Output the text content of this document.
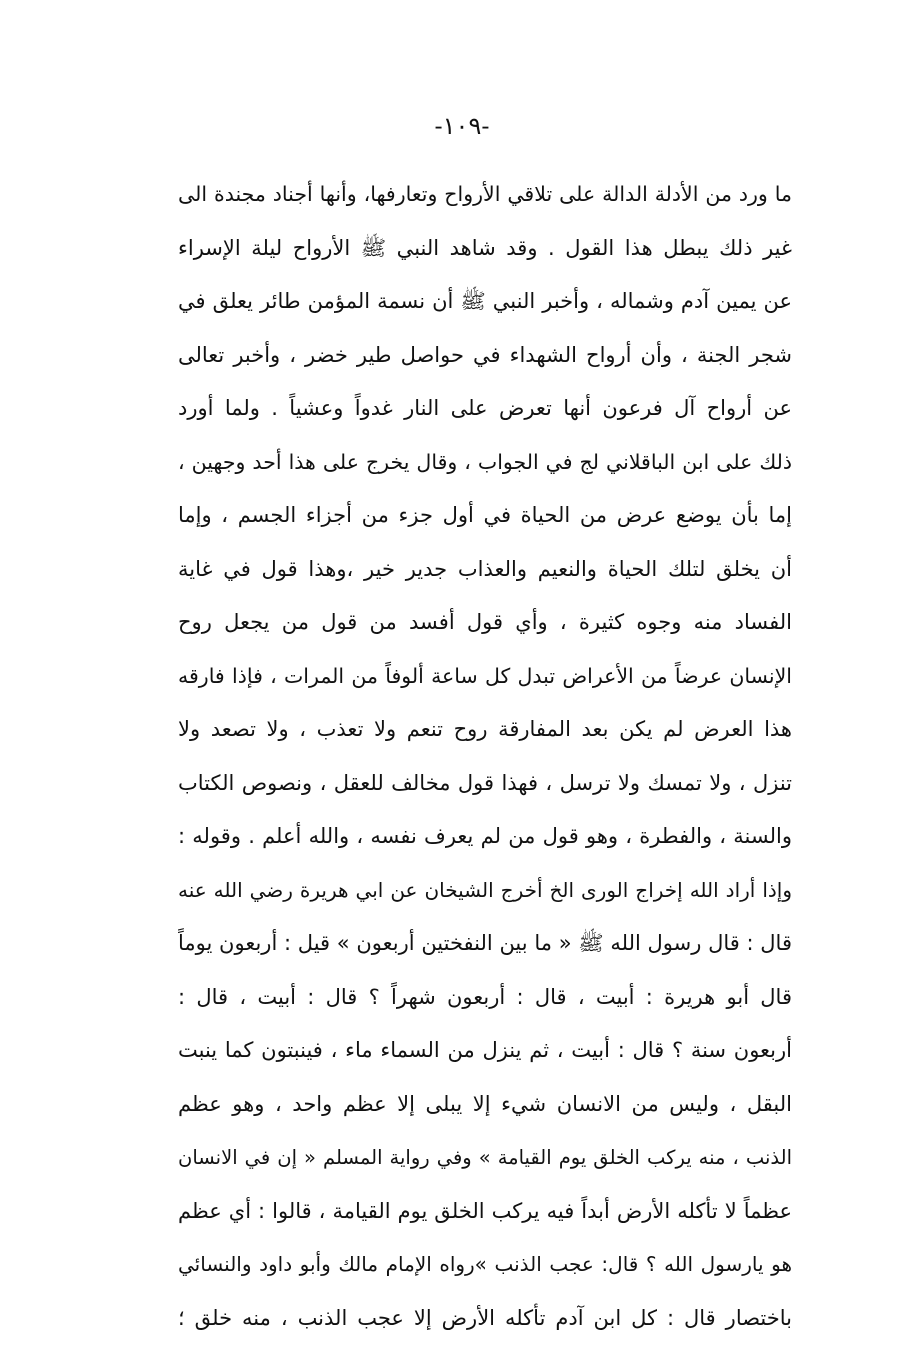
-١٠٩-
ما ورد من الأدلة الدالة على تلاقي الأرواح وتعارفها، وأنها أجناد مجندة الى
غير ذلك يبطل هذا القول . وقد شاهد النبي ﷺ الأرواح ليلة الإسراء
عن يمين آدم وشماله ، وأخبر النبي ﷺ أن نسمة المؤمن طائر يعلق في
شجر الجنة ، وأن أرواح الشهداء في حواصل طير خضر ، وأخبر تعالى
عن أرواح آل فرعون أنها تعرض على النار غدواً وعشياً . ولما أورد
ذلك على ابن الباقلاني لج في الجواب ، وقال يخرج على هذا أحد وجهين ،
إما بأن يوضع عرض من الحياة في أول جزء من أجزاء الجسم ، وإما
أن يخلق لتلك الحياة والنعيم والعذاب جدير خير ،وهذا قول في غاية
الفساد منه وجوه كثيرة ، وأي قول أفسد من قول من يجعل روح
الإنسان عرضاً من الأعراض تبدل كل ساعة ألوفاً من المرات ، فإذا فارقه
هذا العرض لم يكن بعد المفارقة روح تنعم ولا تعذب ، ولا تصعد ولا
تنزل ، ولا تمسك ولا ترسل ، فهذا قول مخالف للعقل ، ونصوص الكتاب
والسنة ، والفطرة ، وهو قول من لم يعرف نفسه ، والله أعلم . وقوله :
وإذا أراد الله إخراج الورى الخ أخرج الشيخان عن ابي هريرة رضي الله عنه
قال : قال رسول الله ﷺ « ما بين النفختين أربعون » قيل : أربعون يوماً
قال أبو هريرة : أبيت ، قال : أربعون شهراً ؟ قال : أبيت ، قال :
أربعون سنة ؟ قال : أبيت ، ثم ينزل من السماء ماء ، فينبتون كما ينبت
البقل ، وليس من الانسان شيء إلا يبلى إلا عظم واحد ، وهو عظم
الذنب ، منه يركب الخلق يوم القيامة » وفي رواية المسلم « إن في الانسان
عظماً لا تأكله الأرض أبداً فيه يركب الخلق يوم القيامة ، قالوا : أي عظم
هو يارسول الله ؟ قال: عجب الذنب »رواه الإمام مالك وأبو داود والنسائي
باختصار قال : كل ابن آدم تأكله الأرض إلا عجب الذنب ، منه خلق ؛
